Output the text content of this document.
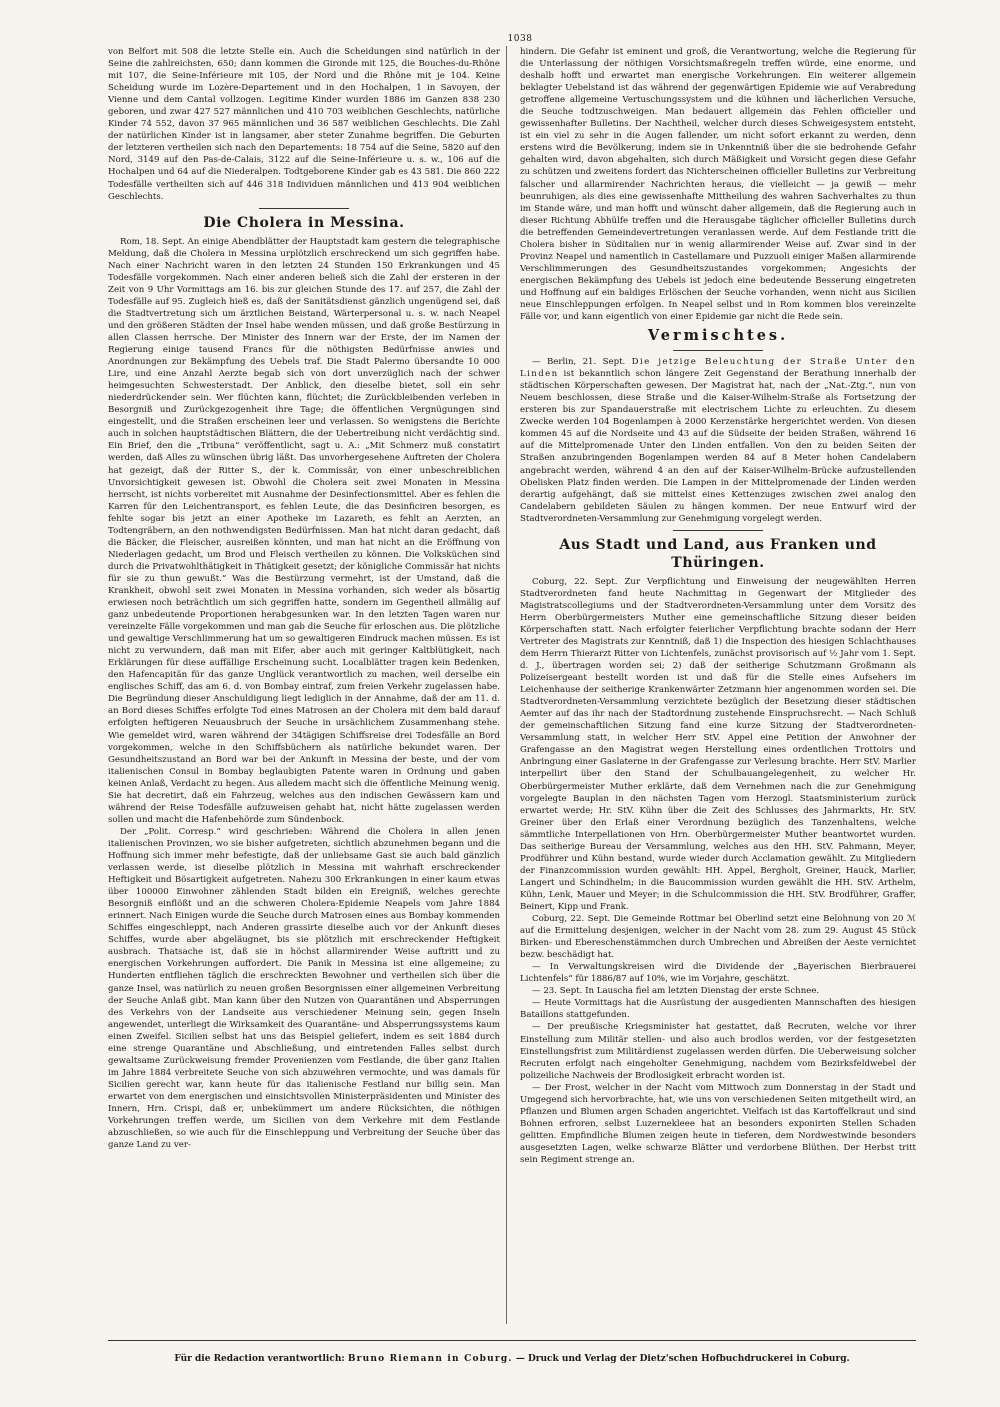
1038

von Belfort mit 508 die letzte Stelle ein. Auch die Scheidungen sind natürlich in der Seine die zahlreichsten, 650; dann kommen die Gironde mit 125, die Bouches-du-Rhône mit 107, die Seine-Inférieure mit 105, der Nord und die Rhône mit je 104. Keine Scheidung wurde im Lozère-Departement und in den Hochalpen, 1 in Savoyen, der Vienne und dem Cantal vollzogen. Legitime Kinder wurden 1886 im Ganzen 838 230 geboren, und zwar 427 527 männlichen und 410 703 weiblichen Geschlechts, natürliche Kinder 74 552, davon 37 965 männlichen und 36 587 weiblichen Geschlechts. Die Zahl der natürlichen Kinder ist in langsamer, aber steter Zunahme begriffen. Die Geburten der letzteren vertheilen sich nach den Departements: 18 754 auf die Seine, 5820 auf den Nord, 3149 auf den Pas-de-Calais, 3122 auf die Seine-Inférieure u. s. w., 106 auf die Hochalpen und 64 auf die Niederalpen. Todtgeborene Kinder gab es 43 581. Die 860 222 Todesfälle vertheilten sich auf 446 318 Individuen männlichen und 413 904 weiblichen Geschlechts.

Die Cholera in Messina.

Rom, 18. Sept. An einige Abendblätter der Hauptstadt kam gestern die telegraphische Meldung, daß die Cholera in Messina urplötzlich erschreckend um sich gegriffen habe. Nach einer Nachricht waren in den letzten 24 Stunden 150 Erkrankungen und 45 Todesfälle vorgekommen. Nach einer anderen beließ sich die Zahl der ersteren in der Zeit von 9 Uhr Vormittags am 16. bis zur gleichen Stunde des 17. auf 257, die Zahl der Todesfälle auf 95. Zugleich hieß es, daß der Sanitätsdienst gänzlich ungenügend sei, daß die Stadtvertretung sich um ärztlichen Beistand, Wärterpersonal u. s. w. nach Neapel und den größeren Städten der Insel habe wenden müssen, und daß große Bestürzung in allen Classen herrsche. Der Minister des Innern war der Erste, der im Namen der Regierung einige tausend Francs für die nöthigsten Bedürfnisse anwies und Anordnungen zur Bekämpfung des Uebels traf. Die Stadt Palermo übersandte 10 000 Lire, und eine Anzahl Aerzte begab sich von dort unverzüglich nach der schwer heimgesuchten Schwesterstadt. Der Anblick, den dieselbe bietet, soll ein sehr niederdrückender sein. Wer flüchten kann, flüchtet; die Zurückbleibenden verleben in Besorgniß und Zurückgezogenheit ihre Tage; die öffentlichen Vergnügungen sind eingestellt, und die Straßen erscheinen leer und verlassen. So wenigstens die Berichte auch in solchen hauptstädtischen Blättern, die der Uebertreibung nicht verdächtig sind. Ein Brief, den die „Tribuna“ veröffentlicht, sagt u. A.: „Mit Schmerz muß constatirt werden, daß Alles zu wünschen übrig läßt. Das unvorhergesehene Auftreten der Cholera hat gezeigt, daß der Ritter S., der k. Commissär, von einer unbeschreiblichen Unvorsichtigkeit gewesen ist. Obwohl die Cholera seit zwei Monaten in Messina herrscht, ist nichts vorbereitet mit Ausnahme der Desinfectionsmittel. Aber es fehlen die Karren für den Leichentransport, es fehlen Leute, die das Desinficiren besorgen, es fehlte sogar bis jetzt an einer Apotheke im Lazareth, es fehlt an Aerzten, an Todtengräbern, an den nothwendigsten Bedürfnissen. Man hat nicht daran gedacht, daß die Bäcker, die Fleischer, ausreißen könnten, und man hat nicht an die Eröffnung von Niederlagen gedacht, um Brod und Fleisch vertheilen zu können. Die Volksküchen sind durch die Privatwohlthätigkeit in Thätigkeit gesetzt; der königliche Commissär hat nichts für sie zu thun gewußt.“ Was die Bestürzung vermehrt, ist der Umstand, daß die Krankheit, obwohl seit zwei Monaten in Messina vorhanden, sich weder als bösartig erwiesen noch beträchtlich um sich gegriffen hatte, sondern im Gegentheil allmälig auf ganz unbedeutende Proportionen herabgesunken war. In den letzten Tagen waren nur vereinzelte Fälle vorgekommen und man gab die Seuche für erloschen aus. Die plötzliche und gewaltige Verschlimmerung hat um so gewaltigeren Eindruck machen müssen. Es ist nicht zu verwundern, daß man mit Eifer, aber auch mit geringer Kaltblütigkeit, nach Erklärungen für diese auffällige Erscheinung sucht. Localblätter tragen kein Bedenken, den Hafencapitän für das ganze Unglück verantwortlich zu machen, weil derselbe ein englisches Schiff, das am 6. d. von Bombay eintraf, zum freien Verkehr zugelassen habe. Die Begründung dieser Anschuldigung liegt lediglich in der Annahme, daß der am 11. d. an Bord dieses Schiffes erfolgte Tod eines Matrosen an der Cholera mit dem bald darauf erfolgten heftigeren Neuausbruch der Seuche in ursächlichem Zusammenhang stehe. Wie gemeldet wird, waren während der 34tägigen Schiffsreise drei Todesfälle an Bord vorgekommen, welche in den Schiffsbüchern als natürliche bekundet waren. Der Gesundheitszustand an Bord war bei der Ankunft in Messina der beste, und der vom italienischen Consul in Bombay beglaubigten Patente waren in Ordnung und gaben keinen Anlaß, Verdacht zu hegen. Aus alledem macht sich die öffentliche Meinung wenig. Sie hat decretirt, daß ein Fahrzeug, welches aus den indischen Gewässern kam und während der Reise Todesfälle aufzuweisen gehabt hat, nicht hätte zugelassen werden sollen und macht die Hafenbehörde zum Sündenbock.

Der „Polit. Corresp.“ wird geschrieben: Während die Cholera in allen jenen italienischen Provinzen, wo sie bisher aufgetreten, sichtlich abzunehmen begann und die Hoffnung sich immer mehr befestigte, daß der unliebsame Gast sie auch bald gänzlich verlassen werde, ist dieselbe plötzlich in Messina mit wahrhaft erschreckender Heftigkeit und Bösartigkeit aufgetreten. Nahezu 300 Erkrankungen in einer kaum etwas über 100000 Einwohner zählenden Stadt bilden ein Ereigniß, welches gerechte Besorgniß einflößt und an die schweren Cholera-Epidemie Neapels vom Jahre 1884 erinnert. Nach Einigen wurde die Seuche durch Matrosen eines aus Bombay kommenden Schiffes eingeschleppt, nach Anderen grassirte dieselbe auch vor der Ankunft dieses Schiffes, wurde aber abgeläugnet, bis sie plötzlich mit erschreckender Heftigkeit ausbrach. Thatsache ist, daß sie in höchst allarmirender Weise auftritt und zu energischen Vorkehrungen auffordert. Die Panik in Messina ist eine allgemeine; zu Hunderten entfliehen täglich die erschreckten Bewohner und vertheilen sich über die ganze Insel, was natürlich zu neuen großen Besorgnissen einer allgemeinen Verbreitung der Seuche Anlaß gibt. Man kann über den Nutzen von Quarantänen und Absperrungen des Verkehrs von der Landseite aus verschiedener Meinung sein, gegen Inseln angewendet, unterliegt die Wirksamkeit des Quarantäne- und Absperrungssystems kaum einen Zweifel. Sicilien selbst hat uns das Beispiel geliefert, indem es seit 1884 durch eine strenge Quarantäne und Abschließung, und eintretenden Falles selbst durch gewaltsame Zurückweisung fremder Provenienzen vom Festlande, die über ganz Italien im Jahre 1884 verbreitete Seuche von sich abzuwehren vermochte, und was damals für Sicilien gerecht war, kann heute für das italienische Festland nur billig sein. Man erwartet von dem energischen und einsichtsvollen Ministerpräsidenten und Minister des Innern, Hrn. Crispi, daß er, unbekümmert um andere Rücksichten, die nöthigen Vorkehrungen treffen werde, um Sicilien von dem Verkehre mit dem Festlande abzuschließen, so wie auch für die Einschleppung und Verbreitung der Seuche über das ganze Land zu ver-

hindern. Die Gefahr ist eminent und groß, die Verantwortung, welche die Regierung für die Unterlassung der nöthigen Vorsichtsmaßregeln treffen würde, eine enorme, und deshalb hofft und erwartet man energische Vorkehrungen. Ein weiterer allgemein beklagter Uebelstand ist das während der gegenwärtigen Epidemie wie auf Verabredung getroffene allgemeine Vertuschungssystem und die kühnen und lächerlichen Versuche, die Seuche todtzuschweigen. Man bedauert allgemein das Fehlen officieller und gewissenhafter Bulletins. Der Nachtheil, welcher durch dieses Schweigesystem entsteht, ist ein viel zu sehr in die Augen fallender, um nicht sofort erkannt zu werden, denn erstens wird die Bevölkerung, indem sie in Unkenntniß über die sie bedrohende Gefahr gehalten wird, davon abgehalten, sich durch Mäßigkeit und Vorsicht gegen diese Gefahr zu schützen und zweitens fordert das Nichterscheinen officieller Bulletins zur Verbreitung falscher und allarmirender Nachrichten heraus, die vielleicht — ja gewiß — mehr beunruhigen, als dies eine gewissenhafte Mittheilung des wahren Sachverhaltes zu thun im Stande wäre, und man hofft und wünscht daher allgemein, daß die Regierung auch in dieser Richtung Abhülfe treffen und die Herausgabe täglicher officieller Bulletins durch die betreffenden Gemeindevertretungen veranlassen werde. Auf dem Festlande tritt die Cholera bisher in Süditalien nur in wenig allarmirender Weise auf. Zwar sind in der Provinz Neapel und namentlich in Castellamare und Puzzuoli einiger Maßen allarmirende Verschlimmerungen des Gesundheitszustandes vorgekommen; Angesichts der energischen Bekämpfung des Uebels ist jedoch eine bedeutende Besserung eingetreten und Hoffnung auf ein baldiges Erlöschen der Seuche vorhanden, wenn nicht aus Sicilien neue Einschleppungen erfolgen. In Neapel selbst und in Rom kommen blos vereinzelte Fälle vor, und kann eigentlich von einer Epidemie gar nicht die Rede sein.

Vermischtes.

— Berlin, 21. Sept. Die jetzige Beleuchtung der Straße Unter den Linden ist bekanntlich schon längere Zeit Gegenstand der Berathung innerhalb der städtischen Körperschaften gewesen. Der Magistrat hat, nach der „Nat.-Ztg.“, nun von Neuem beschlossen, diese Straße und die Kaiser-Wilhelm-Straße als Fortsetzung der ersteren bis zur Spandauerstraße mit electrischem Lichte zu erleuchten. Zu diesem Zwecke werden 104 Bogenlampen à 2000 Kerzenstärke hergerichtet werden. Von diesen kommen 45 auf die Nordseite und 43 auf die Südseite der beiden Straßen, während 16 auf die Mittelpromenade Unter den Linden entfallen. Von den zu beiden Seiten der Straßen anzubringenden Bogenlampen werden 84 auf 8 Meter hohen Candelabern angebracht werden, während 4 an den auf der Kaiser-Wilhelm-Brücke aufzustellenden Obelisken Platz finden werden. Die Lampen in der Mittelpromenade der Linden werden derartig aufgehängt, daß sie mittelst eines Kettenzuges zwischen zwei analog den Candelabern gebildeten Säulen zu hängen kommen. Der neue Entwurf wird der Stadtverordneten-Versammlung zur Genehmigung vorgelegt werden.

Aus Stadt und Land, aus Franken und Thüringen.

Coburg, 22. Sept. Zur Verpflichtung und Einweisung der neugewählten Herren Stadtverordneten fand heute Nachmittag in Gegenwart der Mitglieder des Magistratscollegiums und der Stadtverordneten-Versammlung unter dem Vorsitz des Herrn Oberbürgermeisters Muther eine gemeinschaftliche Sitzung dieser beiden Körperschaften statt. Nach erfolgter feierlicher Verpflichtung brachte sodann der Herr Vertreter des Magistrats zur Kenntniß, daß 1) die Inspection des hiesigen Schlachthauses dem Herrn Thierarzt Ritter von Lichtenfels, zunächst provisorisch auf ½ Jahr vom 1. Sept. d. J., übertragen worden sei; 2) daß der seitherige Schutzmann Großmann als Polizeisergeant bestellt worden ist und daß für die Stelle eines Aufsehers im Leichenhause der seitherige Krankenwärter Zetzmann hier angenommen worden sei. Die Stadtverordneten-Versammlung verzichtete bezüglich der Besetzung dieser städtischen Aemter auf das ihr nach der Stadtordnung zustehende Einspruchsrecht. — Nach Schluß der gemeinschaftlichen Sitzung fand eine kurze Sitzung der Stadtverordneten-Versammlung statt, in welcher Herr StV. Appel eine Petition der Anwohner der Grafengasse an den Magistrat wegen Herstellung eines ordentlichen Trottoirs und Anbringung einer Gaslaterne in der Grafengasse zur Verlesung brachte. Herr StV. Marlier interpellirt über den Stand der Schulbauangelegenheit, zu welcher Hr. Oberbürgermeister Muther erklärte, daß dem Vernehmen nach die zur Genehmigung vorgelegte Bauplan in den nächsten Tagen vom Herzogl. Staatsministerium zurück erwartet werde; Hr. StV. Kühn über die Zeit des Schlusses des Jahrmarkts, Hr. StV. Greiner über den Erlaß einer Verordnung bezüglich des Tanzenhaltens, welche sämmtliche Interpellationen von Hrn. Oberbürgermeister Muther beantwortet wurden. Das seitherige Bureau der Versammlung, welches aus den HH. StV. Pahmann, Meyer, Prodführer und Kühn bestand, wurde wieder durch Acclamation gewählt. Zu Mitgliedern der Finanzcommission wurden gewählt: HH. Appel, Bergholt, Greiner, Hauck, Marlier, Langert und Schindhelm; in die Baucommission wurden gewählt die HH. StV. Arthelm, Kühn, Lenk, Mauer und Meyer; in die Schulcommission die HH. StV. Brodführer, Graffer, Beinert, Kipp und Frank.

Coburg, 22. Sept. Die Gemeinde Rottmar bei Oberlind setzt eine Belohnung von 20 ℳ auf die Ermittelung desjenigen, welcher in der Nacht vom 28. zum 29. August 45 Stück Birken- und Ebereschenstämmchen durch Umbrechen und Abreißen der Aeste vernichtet bezw. beschädigt hat.

— In Verwaltungskreisen wird die Dividende der „Bayerischen Bierbrauerei Lichtenfels“ für 1886/87 auf 10%, wie im Vorjahre, geschätzt.

— 23. Sept. In Lauscha fiel am letzten Dienstag der erste Schnee.

— Heute Vormittags hat die Ausrüstung der ausgedienten Mannschaften des hiesigen Bataillons stattgefunden.

— Der preußische Kriegsminister hat gestattet, daß Recruten, welche vor ihrer Einstellung zum Militär stellen- und also auch brodlos werden, vor der festgesetzten Einstellungsfrist zum Militärdienst zugelassen werden dürfen. Die Ueberweisung solcher Recruten erfolgt nach eingeholter Genehmigung, nachdem vom Bezirksfeldwebel der polizeiliche Nachweis der Brodlosigkeit erbracht worden ist.

— Der Frost, welcher in der Nacht vom Mittwoch zum Donnerstag in der Stadt und Umgegend sich hervorbrachte, hat, wie uns von verschiedenen Seiten mitgetheilt wird, an Pflanzen und Blumen argen Schaden angerichtet. Vielfach ist das Kartoffelkraut und sind Bohnen erfroren, selbst Luzernekleee hat an besonders exponirten Stellen Schaden gelitten. Empfindliche Blumen zeigen heute in tieferen, dem Nordwestwinde besonders ausgesetzten Lagen, welke schwarze Blätter und verdorbene Blüthen. Der Herbst tritt sein Regiment strenge an.

Für die Redaction verantwortlich: Bruno Riemann in Coburg. — Druck und Verlag der Dietz'schen Hofbuchdruckerei in Coburg.
